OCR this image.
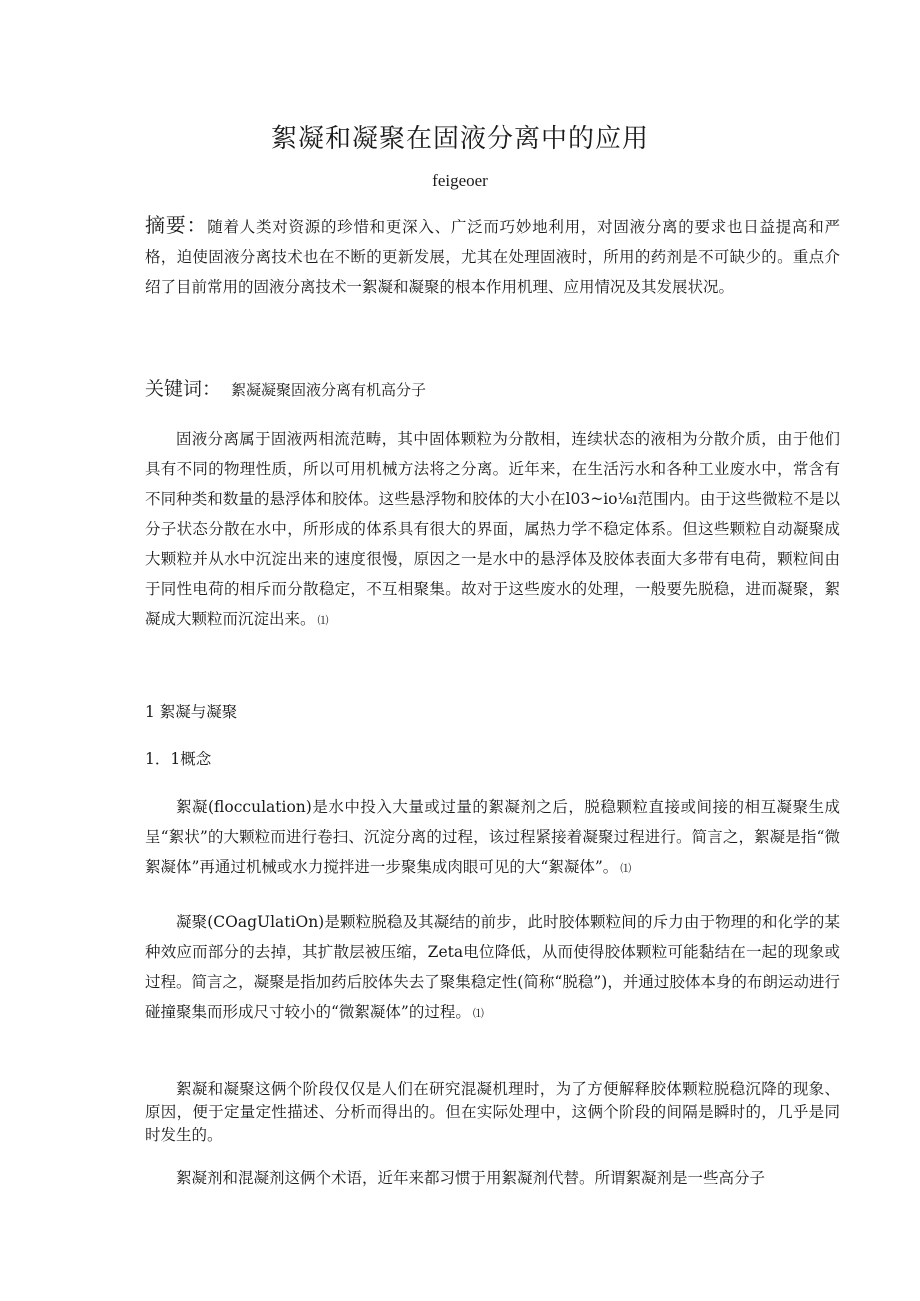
絮凝和凝聚在固液分离中的应用
feigeoer

摘要：随着人类对资源的珍惜和更深入、广泛而巧妙地利用，对固液分离的要求也日益提高和严格，迫使固液分离技术也在不断的更新发展，尤其在处理固液时，所用的药剂是不可缺少的。重点介绍了目前常用的固液分离技术一絮凝和凝聚的根本作用机理、应用情况及其发展状况。

关键词： 絮凝凝聚固液分离有机高分子

固液分离属于固液两相流范畴，其中固体颗粒为分散相，连续状态的液相为分散介质，由于他们具有不同的物理性质，所以可用机械方法将之分离。近年来，在生活污水和各种工业废水中，常含有不同种类和数量的悬浮体和胶体。这些悬浮物和胶体的大小在l03~io⅛ı范围内。由于这些微粒不是以分子状态分散在水中，所形成的体系具有很大的界面，属热力学不稳定体系。但这些颗粒自动凝聚成大颗粒并从水中沉淀出来的速度很慢，原因之一是水中的悬浮体及胶体表面大多带有电荷，颗粒间由于同性电荷的相斥而分散稳定，不互相聚集。故对于这些废水的处理，一般要先脱稳，进而凝聚，絮凝成大颗粒而沉淀出来。 ⑴

1 絮凝与凝聚
1．1概念

絮凝(flocculation)是水中投入大量或过量的絮凝剂之后，脱稳颗粒直接或间接的相互凝聚生成呈“絮状”的大颗粒而进行卷扫、沉淀分离的过程，该过程紧接着凝聚过程进行。简言之，絮凝是指“微絮凝体”再通过机械或水力搅拌进一步聚集成肉眼可见的大“絮凝体”。 ⑴

凝聚(COagUlatiOn)是颗粒脱稳及其凝结的前步，此时胶体颗粒间的斥力由于物理的和化学的某种效应而部分的去掉，其扩散层被压缩，Zeta电位降低，从而使得胶体颗粒可能黏结在一起的现象或过程。简言之，凝聚是指加药后胶体失去了聚集稳定性(简称“脱稳”)，并通过胶体本身的布朗运动进行碰撞聚集而形成尺寸较小的“微絮凝体”的过程。 ⑴

絮凝和凝聚这俩个阶段仅仅是人们在研究混凝机理时，为了方便解释胶体颗粒脱稳沉降的现象、原因，便于定量定性描述、分析而得出的。但在实际处理中，这俩个阶段的间隔是瞬时的，几乎是同时发生的。

絮凝剂和混凝剂这俩个术语，近年来都习惯于用絮凝剂代替。所谓絮凝剂是一些高分子
